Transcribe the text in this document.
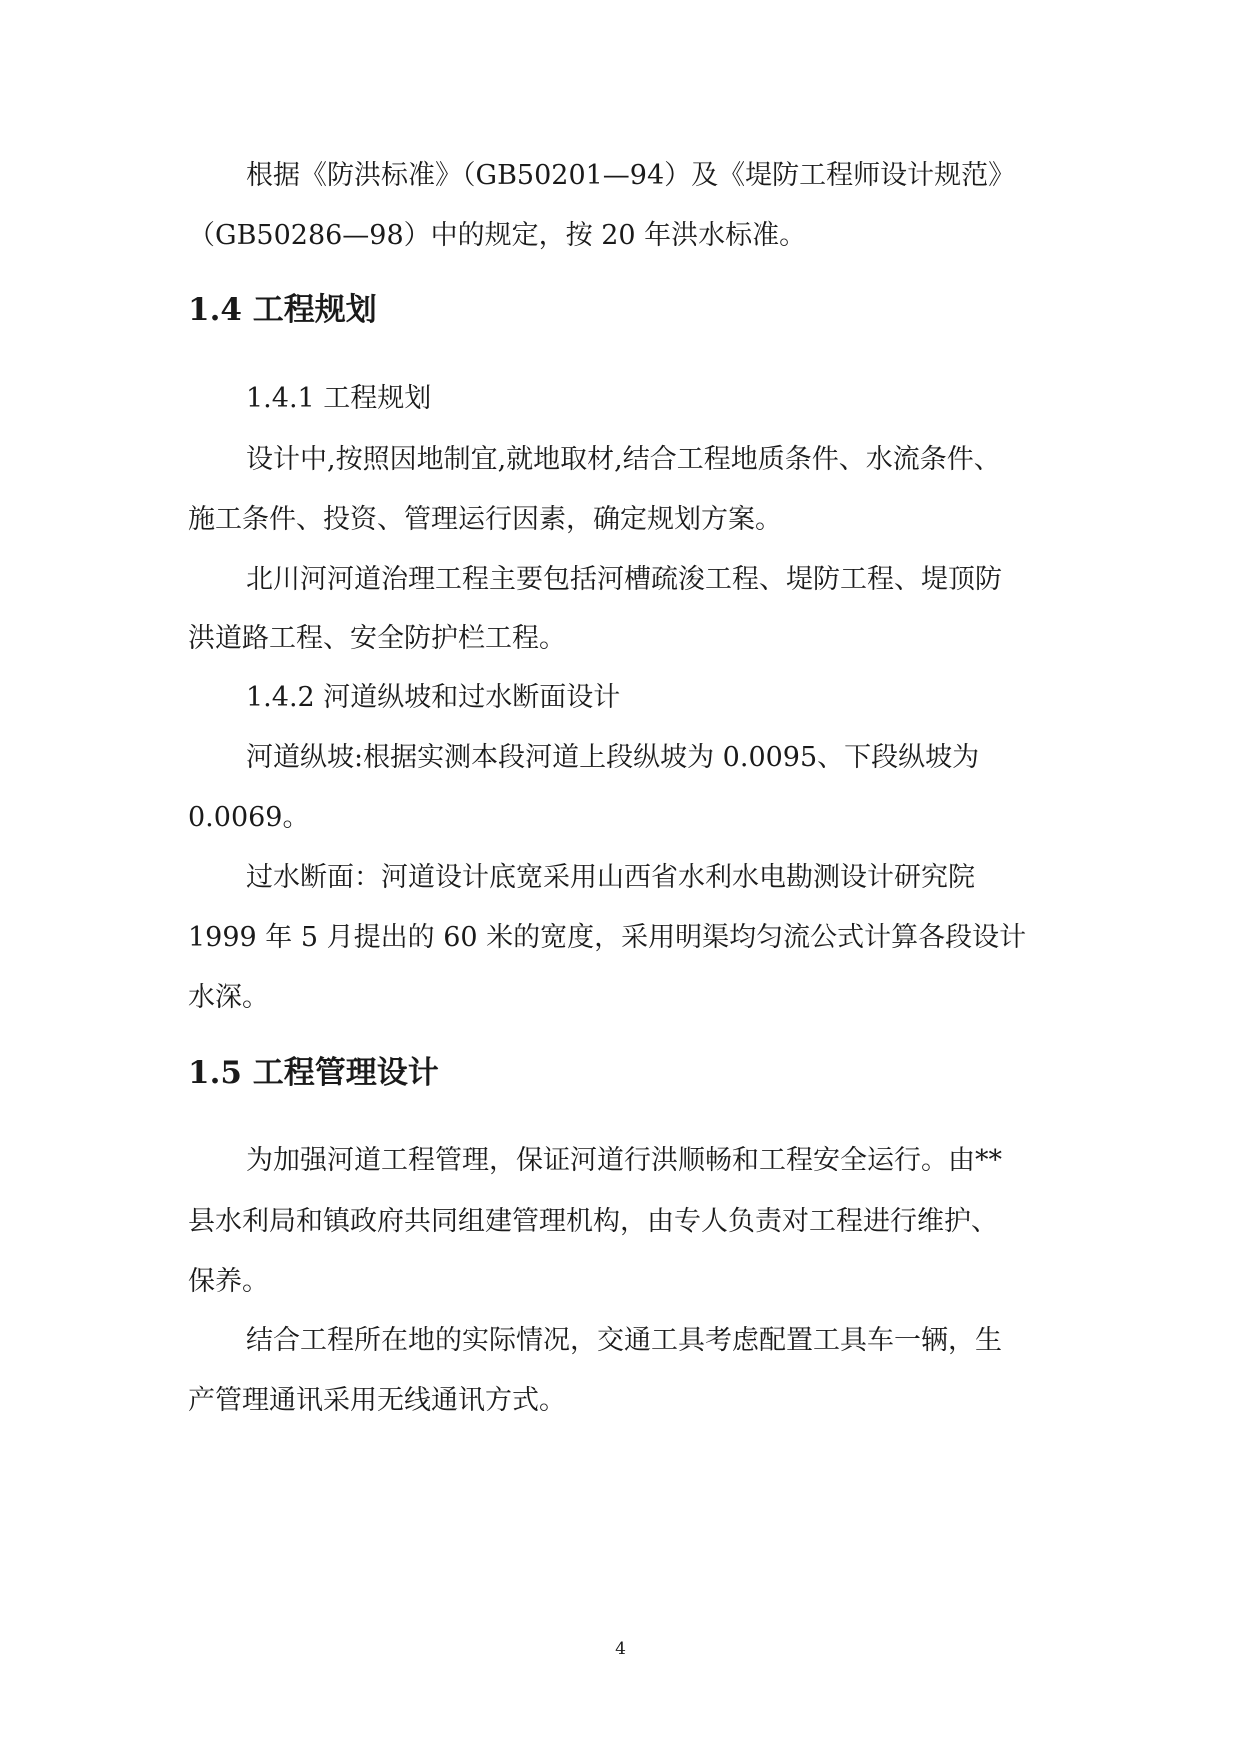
根据《防洪标准》（GB50201—94）及《堤防工程师设计规范》
（GB50286—98）中的规定，按 20 年洪水标准。
1.4 工程规划
1.4.1 工程规划
设计中,按照因地制宜,就地取材,结合工程地质条件、水流条件、
施工条件、投资、管理运行因素，确定规划方案。
北川河河道治理工程主要包括河槽疏浚工程、堤防工程、堤顶防
洪道路工程、安全防护栏工程。
1.4.2 河道纵坡和过水断面设计
河道纵坡:根据实测本段河道上段纵坡为 0.0095、下段纵坡为
0.0069。
过水断面：河道设计底宽采用山西省水利水电勘测设计研究院
1999 年 5 月提出的 60 米的宽度，采用明渠均匀流公式计算各段设计
水深。
1.5 工程管理设计
为加强河道工程管理，保证河道行洪顺畅和工程安全运行。由**
县水利局和镇政府共同组建管理机构，由专人负责对工程进行维护、
保养。
结合工程所在地的实际情况，交通工具考虑配置工具车一辆，生
产管理通讯采用无线通讯方式。
4
